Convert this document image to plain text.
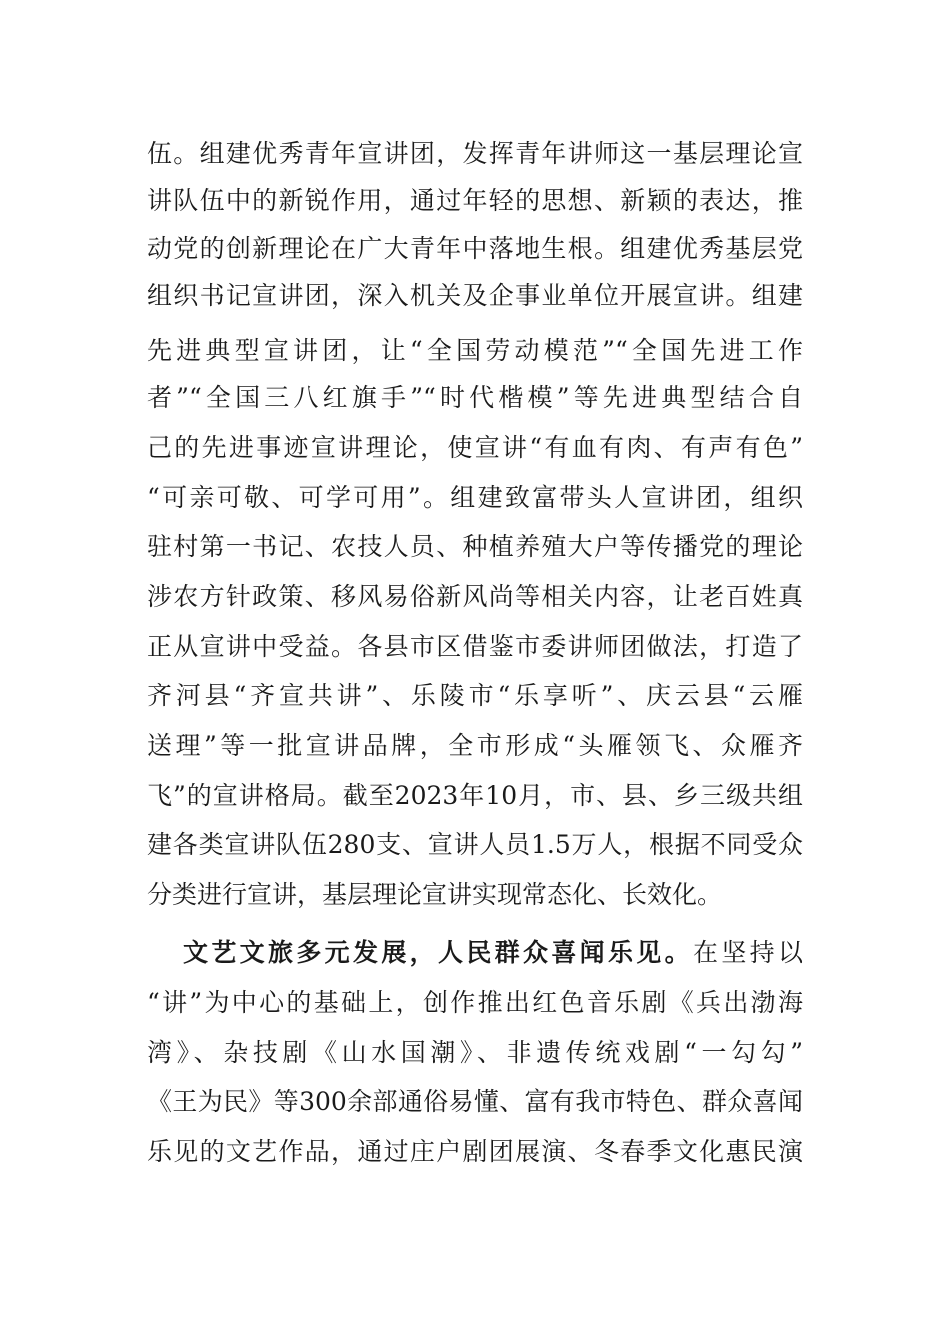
伍。组建优秀青年宣讲团，发挥青年讲师这一基层理论宣
讲队伍中的新锐作用，通过年轻的思想、新颖的表达，推
动党的创新理论在广大青年中落地生根。组建优秀基层党
组织书记宣讲团，深入机关及企事业单位开展宣讲。组建
先进典型宣讲团，让“全国劳动模范”“全国先进工作
者”“全国三八红旗手”“时代楷模”等先进典型结合自
己的先进事迹宣讲理论，使宣讲“有血有肉、有声有色”
“可亲可敬、可学可用”。组建致富带头人宣讲团，组织
驻村第一书记、农技人员、种植养殖大户等传播党的理论
涉农方针政策、移风易俗新风尚等相关内容，让老百姓真
正从宣讲中受益。各县市区借鉴市委讲师团做法，打造了
齐河县“齐宣共讲”、乐陵市“乐享听”、庆云县“云雁
送理”等一批宣讲品牌，全市形成“头雁领飞、众雁齐
飞”的宣讲格局。截至2023年10月，市、县、乡三级共组
建各类宣讲队伍280支、宣讲人员1.5万人，根据不同受众
分类进行宣讲，基层理论宣讲实现常态化、长效化。
文艺文旅多元发展，人民群众喜闻乐见。在坚持以
“讲”为中心的基础上，创作推出红色音乐剧《兵出渤海
湾》、杂技剧《山水国潮》、非遗传统戏剧“一勾勾”
《王为民》等300余部通俗易懂、富有我市特色、群众喜闻
乐见的文艺作品，通过庄户剧团展演、冬春季文化惠民演
